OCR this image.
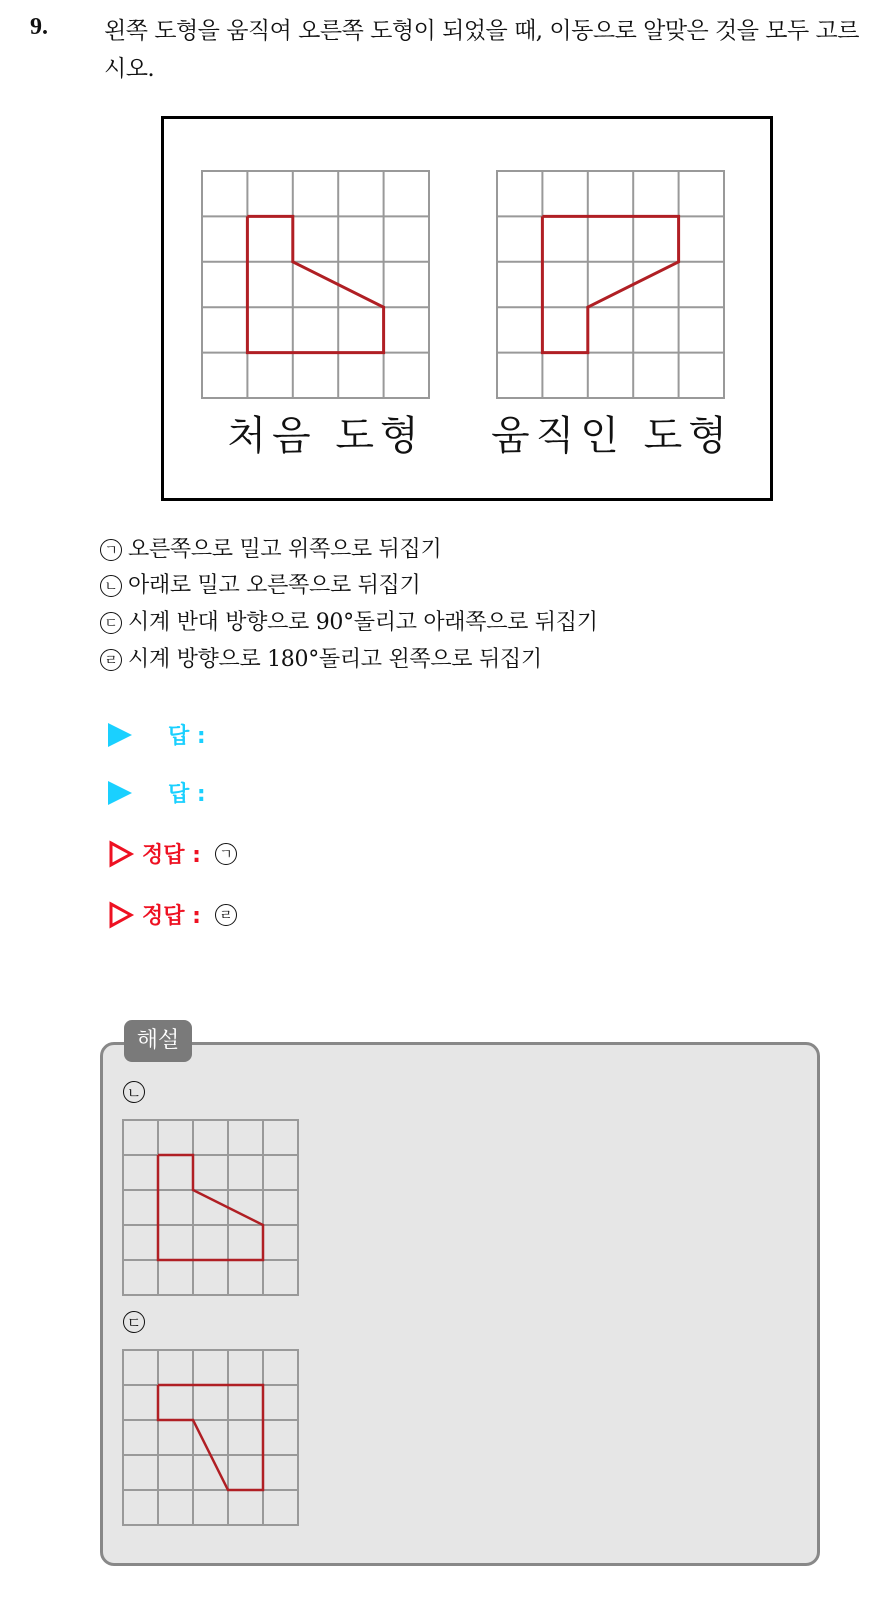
9. 왼쪽 도형을 움직여 오른쪽 도형이 되었을 때, 이동으로 알맞은 것을 모두 고르시오.
처음 도형	움직인 도형
ㄱ 오른쪽으로 밀고 위쪽으로 뒤집기
ㄴ 아래로 밀고 오른쪽으로 뒤집기
ㄷ 시계 반대 방향으로 90°돌리고 아래쪽으로 뒤집기
ㄹ 시계 방향으로 180°돌리고 왼쪽으로 뒤집기
답 :
답 :
정답 : ㄱ
정답 : ㄹ
해설
ㄴ
ㄷ
